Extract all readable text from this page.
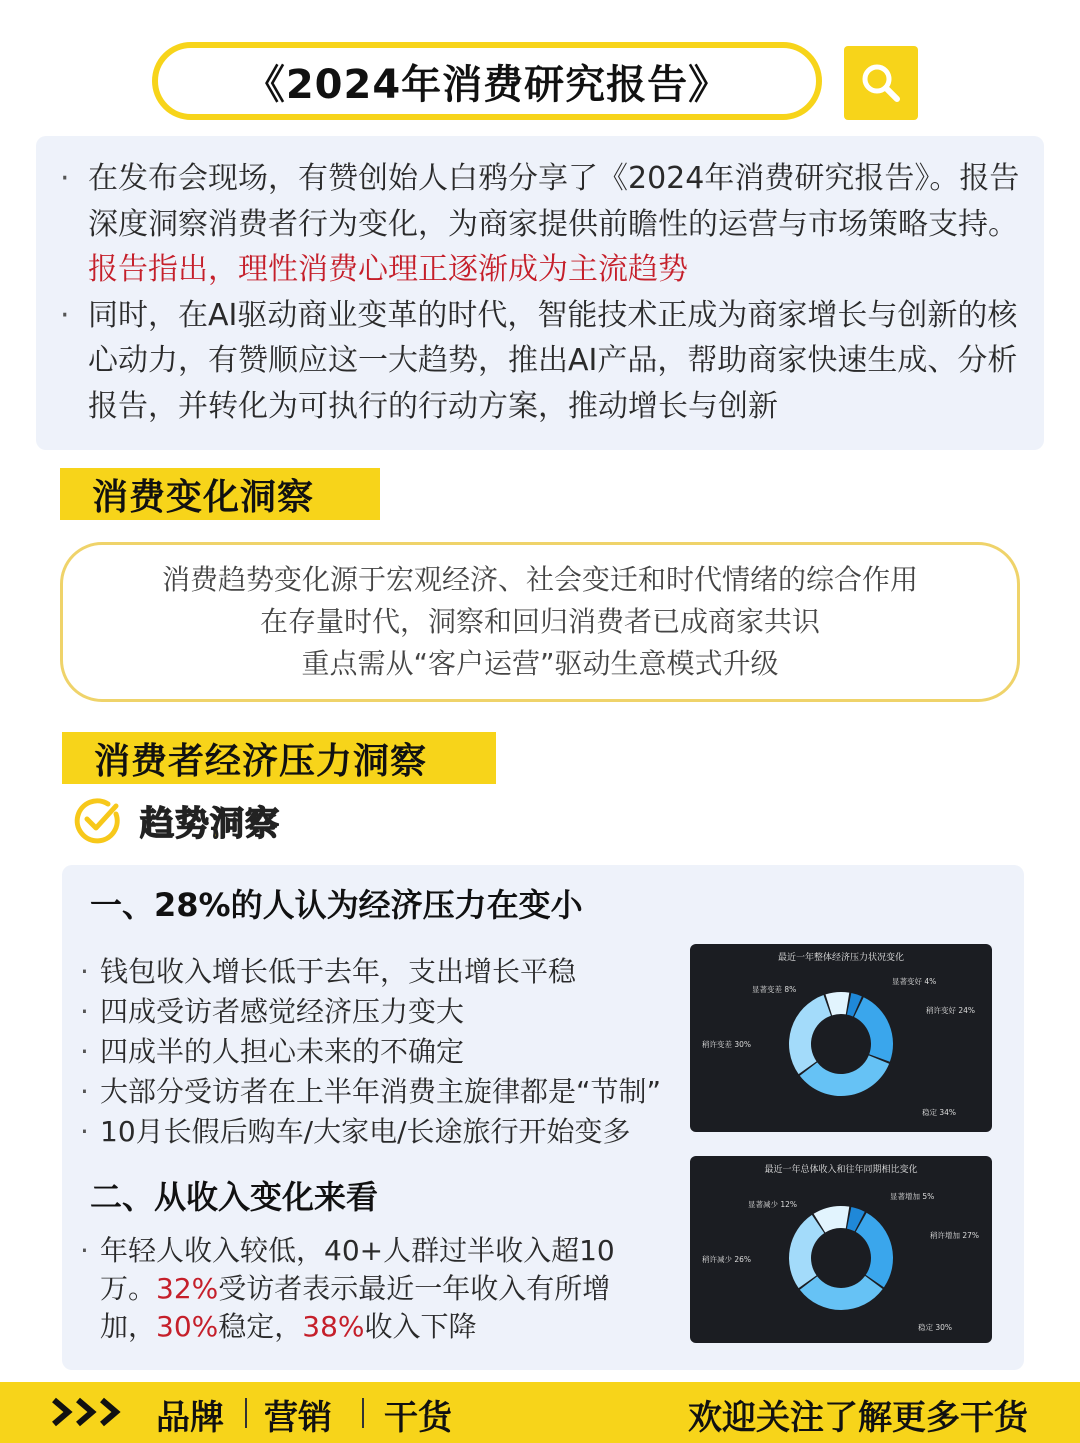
《2024年消费研究报告》

· 在发布会现场，有赞创始人白鸦分享了《2024年消费研究报告》。报告深度洞察消费者行为变化，为商家提供前瞻性的运营与市场策略支持。报告指出，理性消费心理正逐渐成为主流趋势

· 同时，在AI驱动商业变革的时代，智能技术正成为商家增长与创新的核心动力，有赞顺应这一大趋势，推出AI产品，帮助商家快速生成、分析报告，并转化为可执行的行动方案，推动增长与创新

消费变化洞察
消费趋势变化源于宏观经济、社会变迁和时代情绪的综合作用
在存量时代，洞察和回归消费者已成商家共识
重点需从“客户运营”驱动生意模式升级
消费者经济压力洞察
趋势洞察
一、28%的人认为经济压力在变小
· 钱包收入增长低于去年，支出增长平稳
· 四成受访者感觉经济压力变大
· 四成半的人担心未来的不确定
· 大部分受访者在上半年消费主旋律都是“节制”
· 10月长假后购车/大家电/长途旅行开始变多
二、从收入变化来看
· 年轻人收入较低，40+人群过半收入超10万。32%受访者表示最近一年收入有所增加，30%稳定，38%收入下降
最近一年整体经济压力状况变化
显著变好 4%
稍许变好 24%
稳定 34%
稍许变差 30%
显著变差 8%
最近一年总体收入和往年同期相比变化
显著增加 5%
稍许增加 27%
稳定 30%
稍许减少 26%
显著减少 12%
品牌 营销 干货	欢迎关注了解更多干货
